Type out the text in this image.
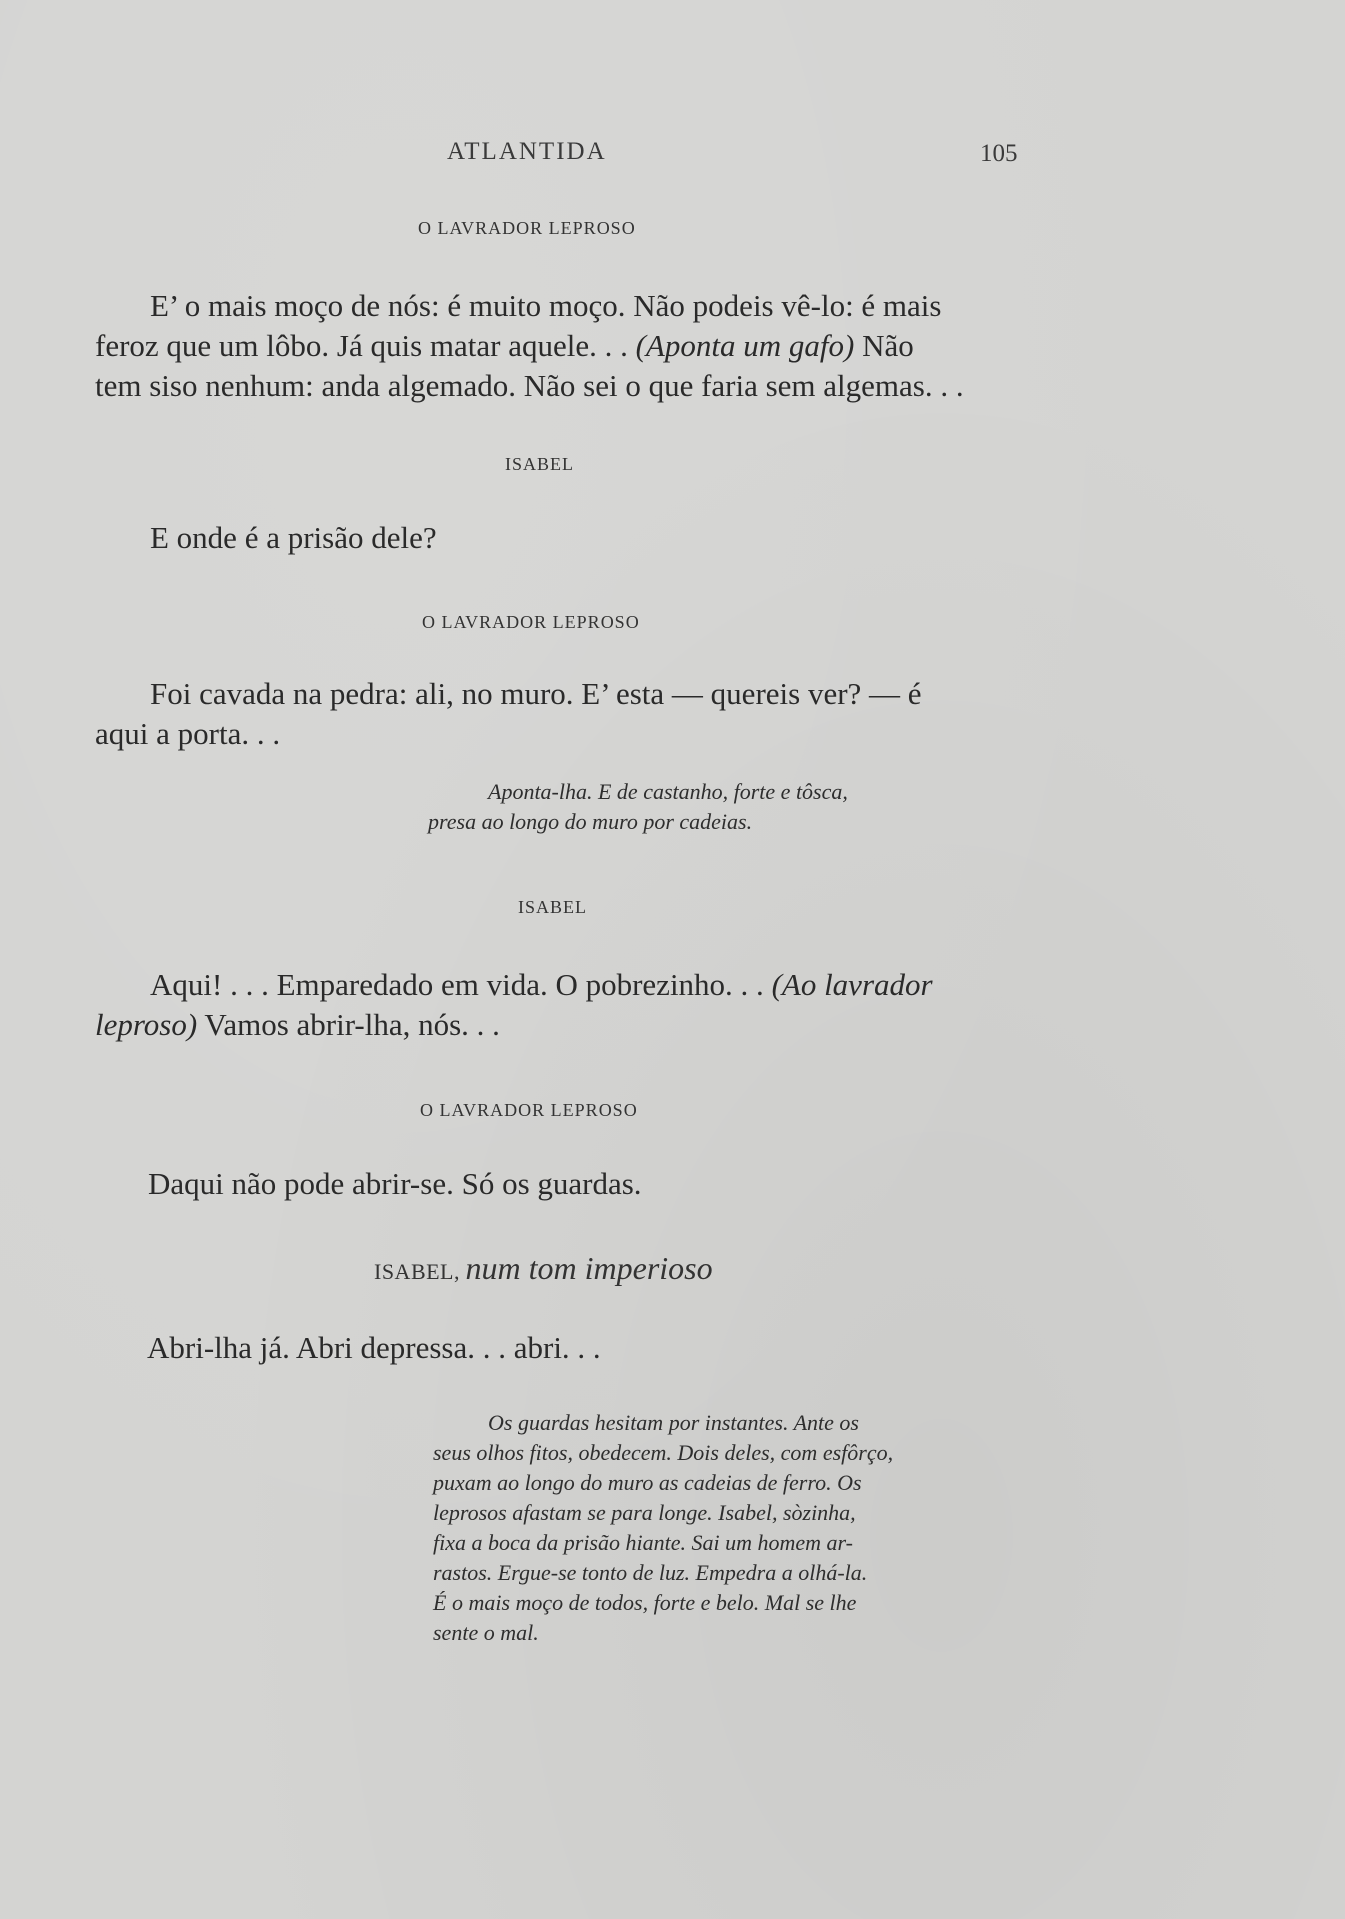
ATLANTIDA	105
O LAVRADOR LEPROSO
E’ o mais moço de nós: é muito moço. Não podeis vê-lo: é mais
feroz que um lôbo. Já quis matar aquele. . . (Aponta um gafo) Não
tem siso nenhum: anda algemado. Não sei o que faria sem algemas. . .
ISABEL
E onde é a prisão dele?
O LAVRADOR LEPROSO
Foi cavada na pedra: ali, no muro. E’ esta — quereis ver? — é
aqui a porta. . .
Aponta-lha. E de castanho, forte e tôsca,
presa ao longo do muro por cadeias.
ISABEL
Aqui! . . . Emparedado em vida. O pobrezinho. . . (Ao lavrador
leproso) Vamos abrir-lha, nós. . .
O LAVRADOR LEPROSO
Daqui não pode abrir-se. Só os guardas.
ISABEL, num tom imperioso
Abri-lha já. Abri depressa. . . abri. . .
Os guardas hesitam por instantes. Ante os
seus olhos fitos, obedecem. Dois deles, com esfôrço,
puxam ao longo do muro as cadeias de ferro. Os
leprosos afastam se para longe. Isabel, sòzinha,
fixa a boca da prisão hiante. Sai um homem ar-
rastos. Ergue-se tonto de luz. Empedra a olhá-la.
É o mais moço de todos, forte e belo. Mal se lhe
sente o mal.
